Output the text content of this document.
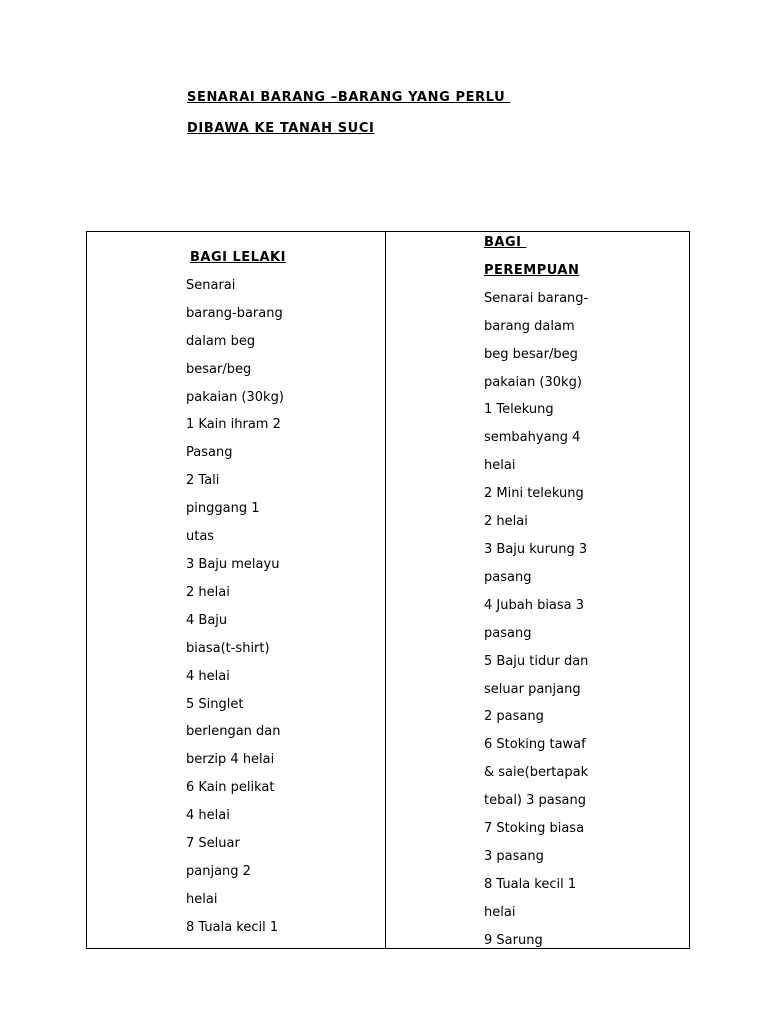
SENARAI BARANG –BARANG YANG PERLU
DIBAWA KE TANAH SUCI
BAGI LELAKI
Senarai
barang-barang
dalam beg
besar/beg
pakaian (30kg)
1 Kain ihram 2
Pasang
2 Tali
pinggang 1
utas
3 Baju melayu
2 helai
4 Baju
biasa(t-shirt)
4 helai
5 Singlet
berlengan dan
berzip 4 helai
6 Kain pelikat
4 helai
7 Seluar
panjang 2
helai
8 Tuala kecil 1
BAGI
PEREMPUAN
Senarai barang-
barang dalam
beg besar/beg
pakaian (30kg)
1 Telekung
sembahyang 4
helai
2 Mini telekung
2 helai
3 Baju kurung 3
pasang
4 Jubah biasa 3
pasang
5 Baju tidur dan
seluar panjang
2 pasang
6 Stoking tawaf
& saie(bertapak
tebal) 3 pasang
7 Stoking biasa
3 pasang
8 Tuala kecil 1
helai
9 Sarung
